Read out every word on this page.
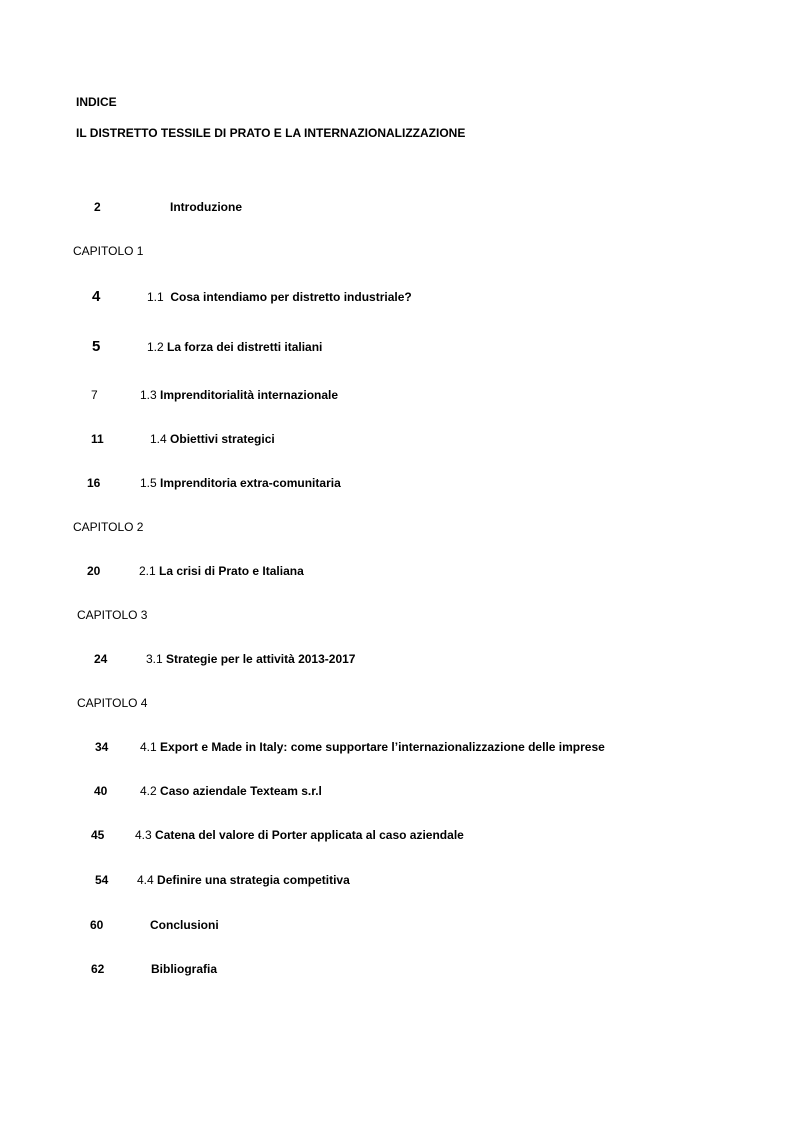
INDICE
IL DISTRETTO TESSILE DI PRATO E LA INTERNAZIONALIZZAZIONE
2	Introduzione
CAPITOLO 1
4	1.1 Cosa intendiamo per distretto industriale?
5	1.2 La forza dei distretti italiani
7	1.3 Imprenditorialità internazionale
11	1.4 Obiettivi strategici
16	1.5 Imprenditoria extra-comunitaria
CAPITOLO 2
20	2.1 La crisi di Prato e Italiana
CAPITOLO 3
24	3.1 Strategie per le attività 2013-2017
CAPITOLO 4
34	4.1 Export e Made in Italy: come supportare l’internazionalizzazione delle imprese
40	4.2 Caso aziendale Texteam s.r.l
45	4.3 Catena del valore di Porter applicata al caso aziendale
54 4.4 Definire una strategia competitiva
60	Conclusioni
62	Bibliografia
